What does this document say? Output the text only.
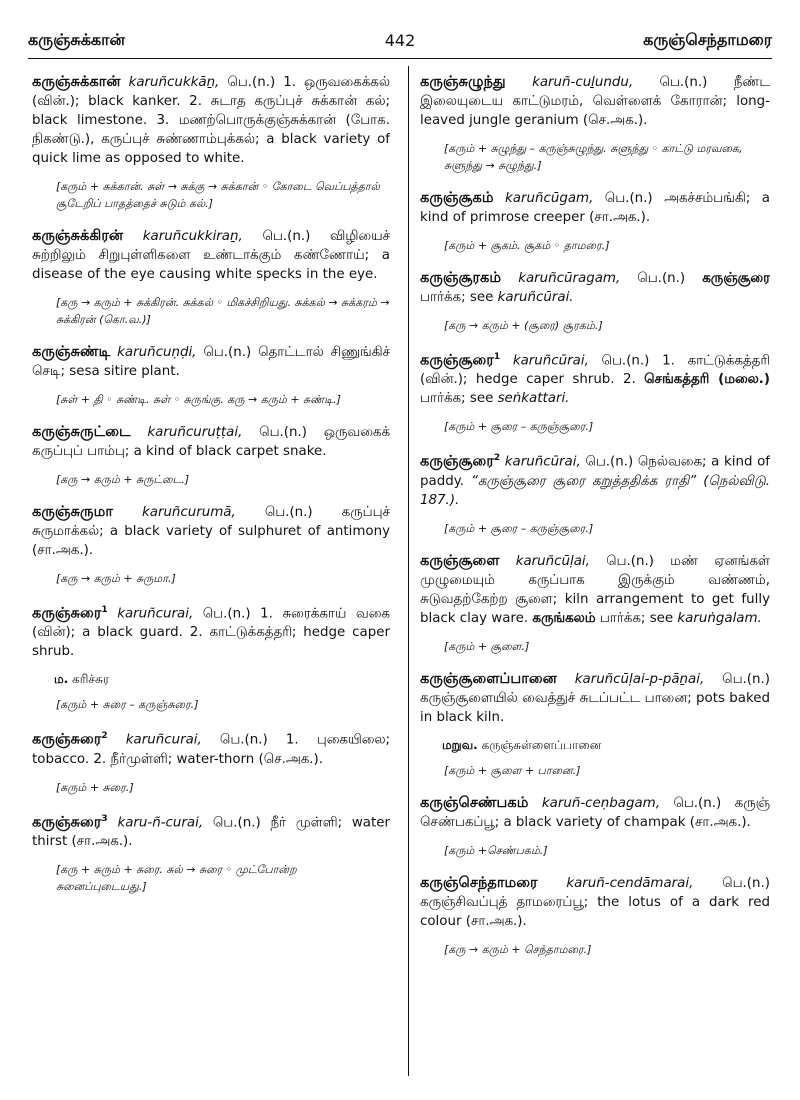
கருஞ்சுக்கான்	442	கருஞ்செந்தாமரை

கருஞ்சுக்கான் karuñcukkāṉ, பெ.(n.) 1. ஒருவகைக்கல் (வின்.); black kanker. 2. சுடாத கருப்புச் சுக்கான் கல்; black limestone. 3. மணற்பொருக்குஞ்சுக்கான் (போக. நிகண்டு.), கருப்புச் சுண்ணாம்புக்கல்; a black variety of quick lime as opposed to white.

[கரும் + சுக்கான். சுள் → சுக்கு → சுக்கான் ◦ கோடை வெப்பத்தால் சூடேறிப் பாதத்தைச் சுடும் கல்.]

கருஞ்சுக்கிரன் karuñcukkiraṉ, பெ.(n.) விழியைச் சுற்றிலும் சிறுபுள்ளிகளை உண்டாக்கும் கண்ணோய்; a disease of the eye causing white specks in the eye.

[கரு → கரும் + சுக்கிரன். சுக்கல் ◦ மிகச்சிறியது. சுக்கல் → சுக்கரம் → சுக்கிரன் (கொ.வ.)]

கருஞ்சுண்டி karuñcuṇḍi, பெ.(n.) தொட்டால் சிணுங்கிச் செடி; sesa sitire plant.

[சுள் + தி ◦ சுண்டி. சுள் ◦ சுருங்கு. கரு → கரும் + சுண்டி.]

கருஞ்சுருட்டை karuñcuruṭṭai, பெ.(n.) ஒருவகைக் கருப்புப் பாம்பு; a kind of black carpet snake.

[கரு → கரும் + சுருட்டை.]

கருஞ்சுருமா karuñcurumā, பெ.(n.) கருப்புச் சுருமாக்கல்; a black variety of sulphuret of antimony (சா.அக.).

[கரு → கரும் + சுருமா.]

கருஞ்சுரை$^1$ karuñcurai, பெ.(n.) 1. சுரைக்காய் வகை (வின்); a black guard. 2. காட்டுக்கத்தரி; hedge caper shrub.

ம. கரிச்சுர

[கரும் + சுரை – கருஞ்சுரை.]

கருஞ்சுரை$^2$ karuñcurai, பெ.(n.) 1. புகையிலை; tobacco. 2. நீர்முள்ளி; water-thorn (செ.அக.).

[கரும் + சுரை.]

கருஞ்சுரை$^3$ karu-ñ-curai, பெ.(n.) நீர் முள்ளி; water thirst (சா.அக.).

[கரு + சுரும் + சுரை. சுல் → சுரை ◦ முட்போன்ற சுனைப்புடையது.]

கருஞ்சுழுந்து karuñ-cuḻundu, பெ.(n.) நீண்ட இலையுடைய காட்டுமரம், வெள்ளைக் கோரான்; long-leaved jungle geranium (செ.அக.).

[கரும் + சுழுந்து – கருஞ்சுழுந்து. சுளுந்து ◦ காட்டு மரவகை, சுளுந்து → சுழுந்து.]

கருஞ்சூகம் karuñcūgam, பெ.(n.) அகச்சம்பங்கி; a kind of primrose creeper (சா.அக.).

[கரும் + சூகம். சூகம் ◦ தாமரை.]

கருஞ்சூரகம் karuñcūragam, பெ.(n.) கருஞ்சூரை பார்க்க; see karuñcūrai.

[கரு → கரும் + (சூரை) சூரகம்.]

கருஞ்சூரை$^1$ karuñcūrai, பெ.(n.) 1. காட்டுக்கத்தரி (வின்.); hedge caper shrub. 2. செங்கத்தரி (மலை.) பார்க்க; see seṅkattari.

[கரும் + சூரை – கருஞ்சூரை.]

கருஞ்சூரை$^2$ karuñcūrai, பெ.(n.) நெல்வகை; a kind of paddy. “கருஞ்சூரை சூரை கறுத்ததிக்க ராதி” (நெல்விடு. 187.).

[கரும் + சூரை – கருஞ்சூரை.]

கருஞ்சூளை karuñcūḷai, பெ.(n.) மண் ஏனங்கள் முழுமையும் கருப்பாக இருக்கும் வண்ணம், சுடுவதற்கேற்ற சூளை; kiln arrangement to get fully black clay ware. கருங்கலம் பார்க்க; see karuṅgalam.

[கரும் + சூளை.]

கருஞ்சூளைப்பானை karuñcūḷai-p-pāṉai, பெ.(n.) கருஞ்சூளையில் வைத்துச் சுடப்பட்ட பானை; pots baked in black kiln.

மறுவ. கருஞ்சுள்ளைப்பானை

[கரும் + சூளை + பானை.]

கருஞ்செண்பகம் karuñ-ceṇbagam, பெ.(n.) கருஞ் செண்பகப்பூ; a black variety of champak (சா.அக.).

[கரும் +செண்பகம்.]

கருஞ்செந்தாமரை karuñ-cendāmarai, பெ.(n.) கருஞ்சிவப்புத் தாமரைப்பூ; the lotus of a dark red colour (சா.அக.).

[கரு → கரும் + செந்தாமரை.]
